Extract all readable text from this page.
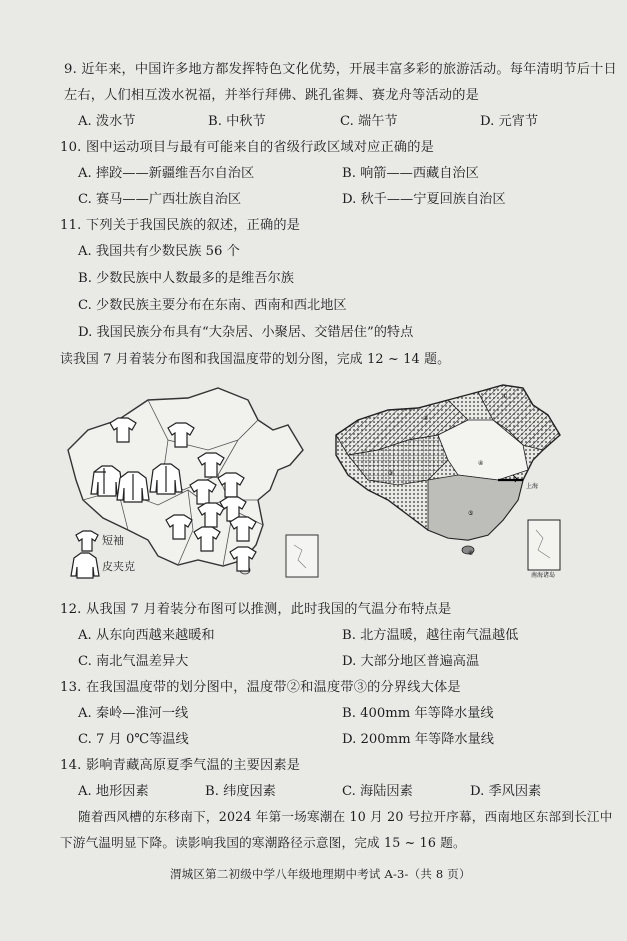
9. 近年来，中国许多地方都发挥特色文化优势，开展丰富多彩的旅游活动。每年清明节后十日
左右，人们相互泼水祝福，并举行拜佛、跳孔雀舞、赛龙舟等活动的是
A. 泼水节	B. 中秋节	C. 端午节	D. 元宵节
10. 图中运动项目与最有可能来自的省级行政区域对应正确的是
A. 摔跤——新疆维吾尔自治区	B. 响箭——西藏自治区
C. 赛马——广西壮族自治区	D. 秋千——宁夏回族自治区
11. 下列关于我国民族的叙述，正确的是
A. 我国共有少数民族 56 个
B. 少数民族中人数最多的是维吾尔族
C. 少数民族主要分布在东南、西南和西北地区
D. 我国民族分布具有“大杂居、小聚居、交错居住”的特点
读我国 7 月着装分布图和我国温度带的划分图，完成 12 ~ 14 题。
短袖
皮夹克
①
②
③
④
⑤
⑥
上海
南海诸岛
12. 从我国 7 月着装分布图可以推测，此时我国的气温分布特点是
A. 从东向西越来越暖和	B. 北方温暖，越往南气温越低
C. 南北气温差异大	D. 大部分地区普遍高温
13. 在我国温度带的划分图中，温度带②和温度带③的分界线大体是
A. 秦岭—淮河一线	B. 400mm 年等降水量线
C. 7 月 0℃等温线	D. 200mm 年等降水量线
14. 影响青藏高原夏季气温的主要因素是
A. 地形因素	B. 纬度因素	C. 海陆因素	D. 季风因素
随着西风槽的东移南下，2024 年第一场寒潮在 10 月 20 号拉开序幕，西南地区东部到长江中
下游气温明显下降。读影响我国的寒潮路径示意图，完成 15 ~ 16 题。
渭城区第二初级中学八年级地理期中考试 A-3-（共 8 页）
